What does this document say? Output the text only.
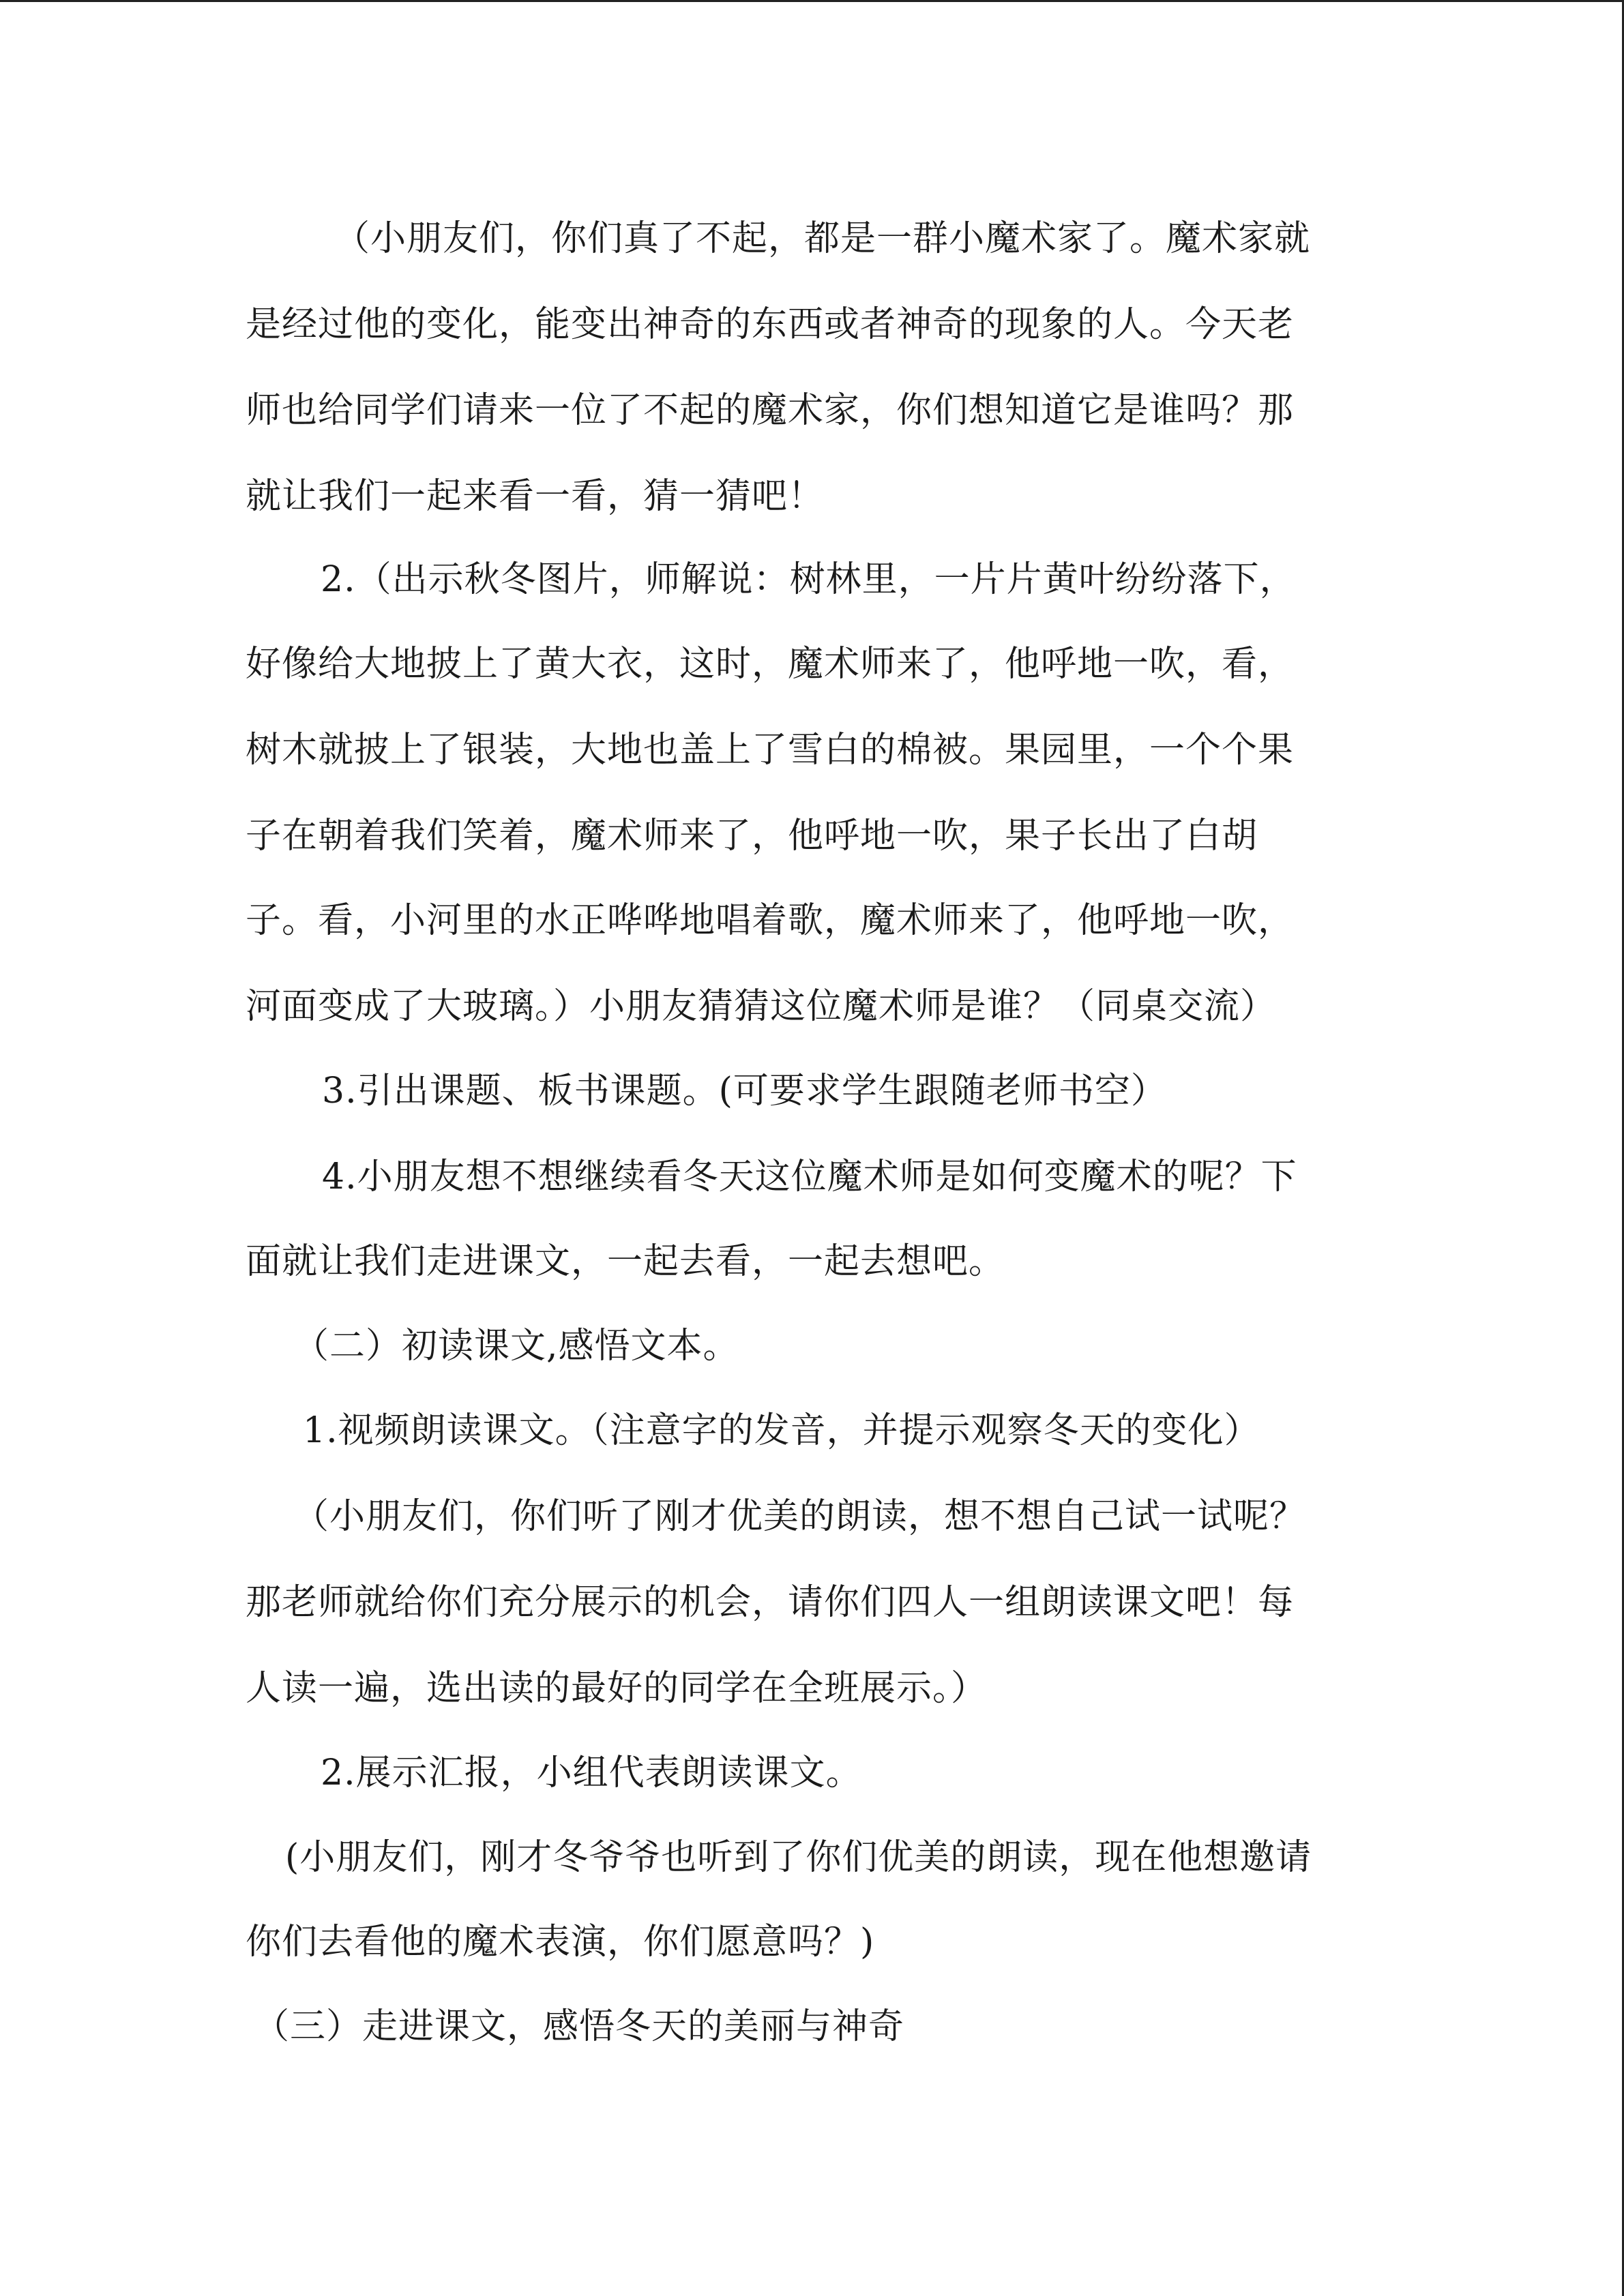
（小朋友们，你们真了不起，都是一群小魔术家了。魔术家就
是经过他的变化，能变出神奇的东西或者神奇的现象的人。今天老
师也给同学们请来一位了不起的魔术家，你们想知道它是谁吗？那
就让我们一起来看一看，猜一猜吧！
2.（出示秋冬图片，师解说：树林里，一片片黄叶纷纷落下，
好像给大地披上了黄大衣，这时，魔术师来了，他呼地一吹，看，
树木就披上了银装，大地也盖上了雪白的棉被。果园里，一个个果
子在朝着我们笑着，魔术师来了，他呼地一吹，果子长出了白胡
子。看，小河里的水正哗哗地唱着歌，魔术师来了，他呼地一吹，
河面变成了大玻璃。）小朋友猜猜这位魔术师是谁？（同桌交流）
3.引出课题、板书课题。(可要求学生跟随老师书空）
4.小朋友想不想继续看冬天这位魔术师是如何变魔术的呢？下
面就让我们走进课文，一起去看，一起去想吧。
（二）初读课文,感悟文本。
1.视频朗读课文。（注意字的发音，并提示观察冬天的变化）
（小朋友们，你们听了刚才优美的朗读，想不想自己试一试呢？
那老师就给你们充分展示的机会，请你们四人一组朗读课文吧！每
人读一遍，选出读的最好的同学在全班展示。）
2.展示汇报，小组代表朗读课文。
(小朋友们，刚才冬爷爷也听到了你们优美的朗读，现在他想邀请
你们去看他的魔术表演，你们愿意吗？)
（三）走进课文，感悟冬天的美丽与神奇
